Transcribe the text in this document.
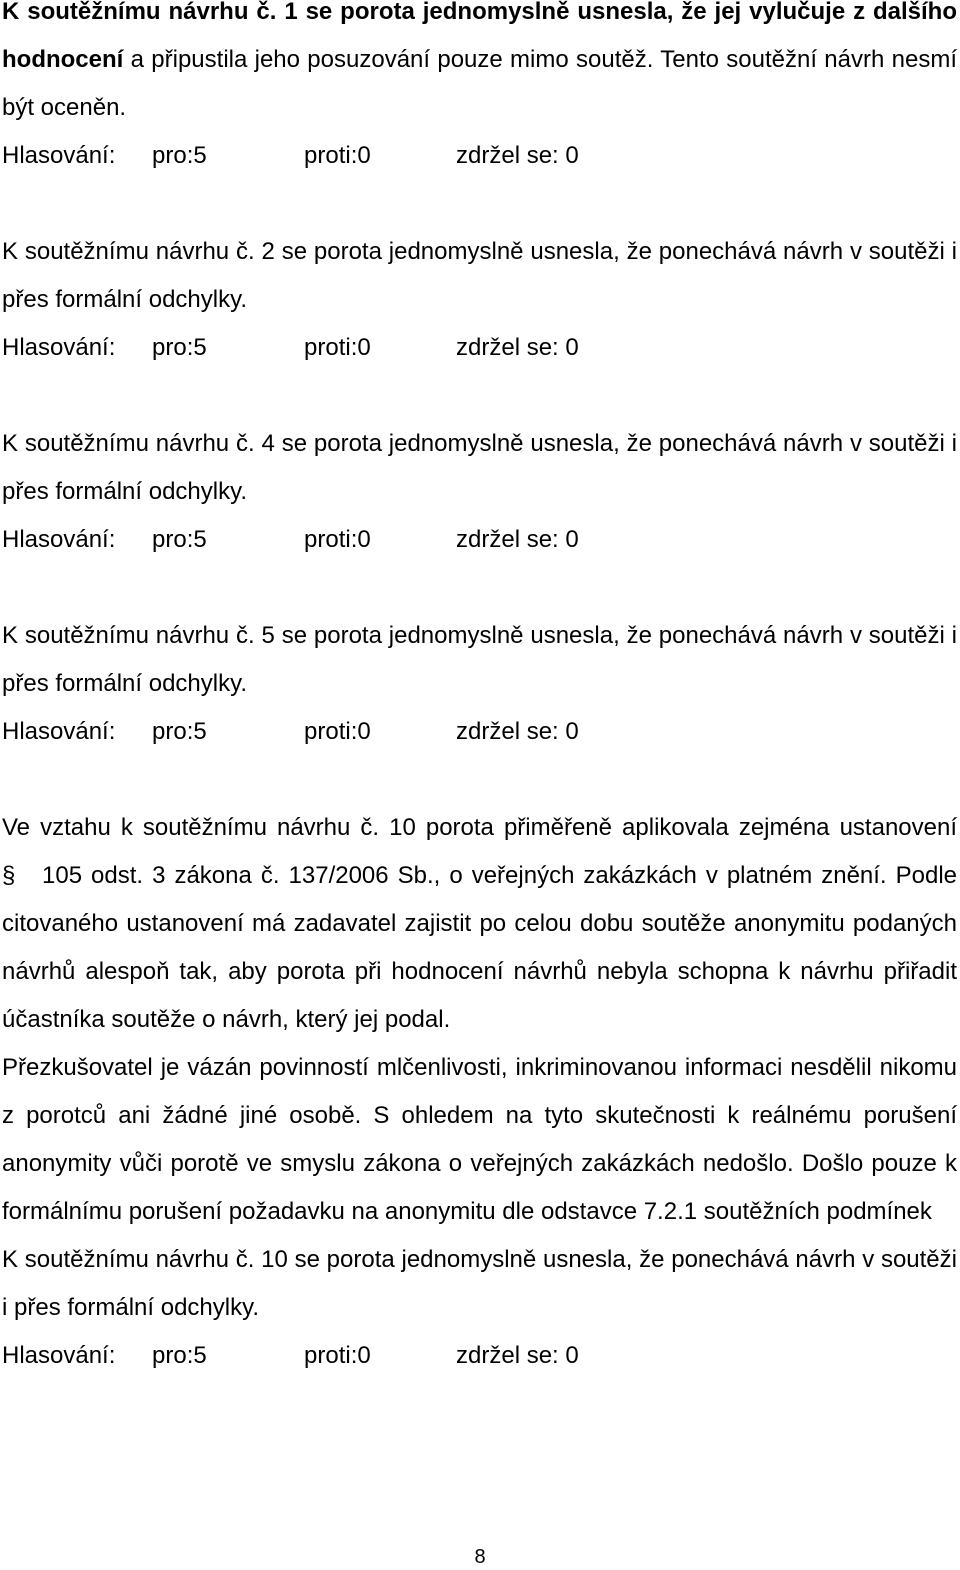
K soutěžnímu návrhu č. 1 se porota jednomyslně usnesla, že jej vylučuje z dalšího hodnocení a připustila jeho posuzování pouze mimo soutěž. Tento soutěžní návrh nesmí být oceněn.

Hlasování: pro:5	proti:0	zdržel se: 0

K soutěžnímu návrhu č. 2 se porota jednomyslně usnesla, že ponechává návrh v soutěži i přes formální odchylky.

Hlasování: pro:5	proti:0	zdržel se: 0

K soutěžnímu návrhu č. 4 se porota jednomyslně usnesla, že ponechává návrh v soutěži i přes formální odchylky.

Hlasování: pro:5	proti:0	zdržel se: 0

K soutěžnímu návrhu č. 5 se porota jednomyslně usnesla, že ponechává návrh v soutěži i přes formální odchylky.

Hlasování: pro:5	proti:0	zdržel se: 0

Ve vztahu k soutěžnímu návrhu č. 10 porota přiměřeně aplikovala zejména ustanovení§ 105 odst. 3 zákona č. 137/2006 Sb., o veřejných zakázkách v platném znění. Podle citovaného ustanovení má zadavatel zajistit po celou dobu soutěže anonymitu podaných návrhů alespoň tak, aby porota při hodnocení návrhů nebyla schopna k návrhu přiřadit účastníka soutěže o návrh, který jej podal.

Přezkušovatel je vázán povinností mlčenlivosti, inkriminovanou informaci nesdělil nikomu z porotců ani žádné jiné osobě. S ohledem na tyto skutečnosti k reálnému porušení anonymity vůči porotě ve smyslu zákona o veřejných zakázkách nedošlo. Došlo pouze k formálnímu porušení požadavku na anonymitu dle odstavce 7.2.1 soutěžních podmínek

K soutěžnímu návrhu č. 10 se porota jednomyslně usnesla, že ponechává návrh v soutěži i přes formální odchylky.

Hlasování: pro:5	proti:0	zdržel se: 0

8
